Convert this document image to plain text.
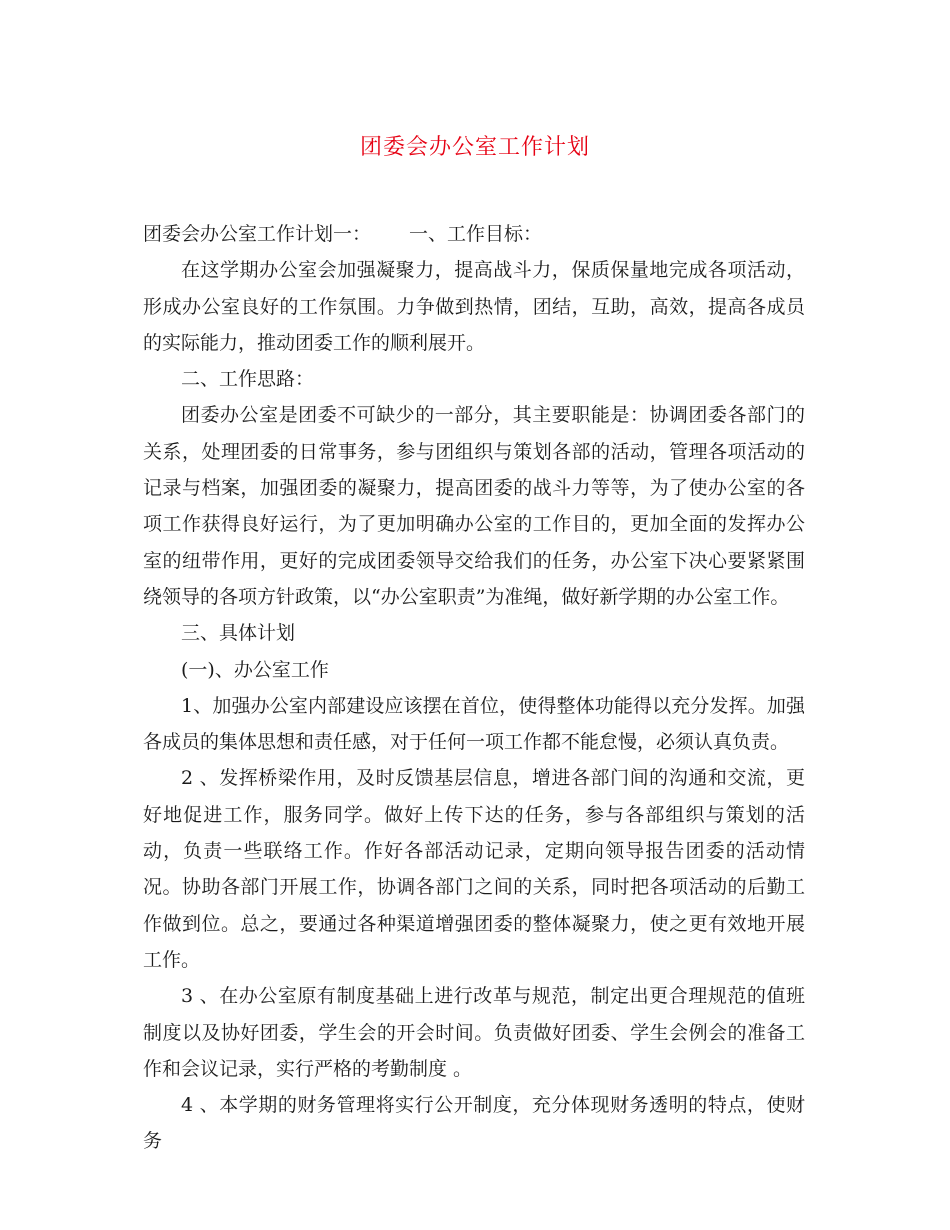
团委会办公室工作计划

团委会办公室工作计划一： 一、工作目标：

在这学期办公室会加强凝聚力，提高战斗力，保质保量地完成各项活动，形成办公室良好的工作氛围。力争做到热情，团结，互助，高效，提高各成员的实际能力，推动团委工作的顺利展开。

二、工作思路：

团委办公室是团委不可缺少的一部分，其主要职能是：协调团委各部门的关系，处理团委的日常事务，参与团组织与策划各部的活动，管理各项活动的记录与档案，加强团委的凝聚力，提高团委的战斗力等等，为了使办公室的各项工作获得良好运行，为了更加明确办公室的工作目的，更加全面的发挥办公室的纽带作用，更好的完成团委领导交给我们的任务，办公室下决心要紧紧围绕领导的各项方针政策，以“办公室职责”为准绳，做好新学期的办公室工作。

三、具体计划

(一)、办公室工作

1、加强办公室内部建设应该摆在首位，使得整体功能得以充分发挥。加强各成员的集体思想和责任感，对于任何一项工作都不能怠慢，必须认真负责。

2 、发挥桥梁作用，及时反馈基层信息，增进各部门间的沟通和交流，更好地促进工作，服务同学。做好上传下达的任务，参与各部组织与策划的活动，负责一些联络工作。作好各部活动记录，定期向领导报告团委的活动情况。协助各部门开展工作，协调各部门之间的关系，同时把各项活动的后勤工作做到位。总之，要通过各种渠道增强团委的整体凝聚力，使之更有效地开展工作。

3 、在办公室原有制度基础上进行改革与规范，制定出更合理规范的值班制度以及协好团委，学生会的开会时间。负责做好团委、学生会例会的准备工作和会议记录，实行严格的考勤制度 。

4 、本学期的财务管理将实行公开制度，充分体现财务透明的特点，使财务
